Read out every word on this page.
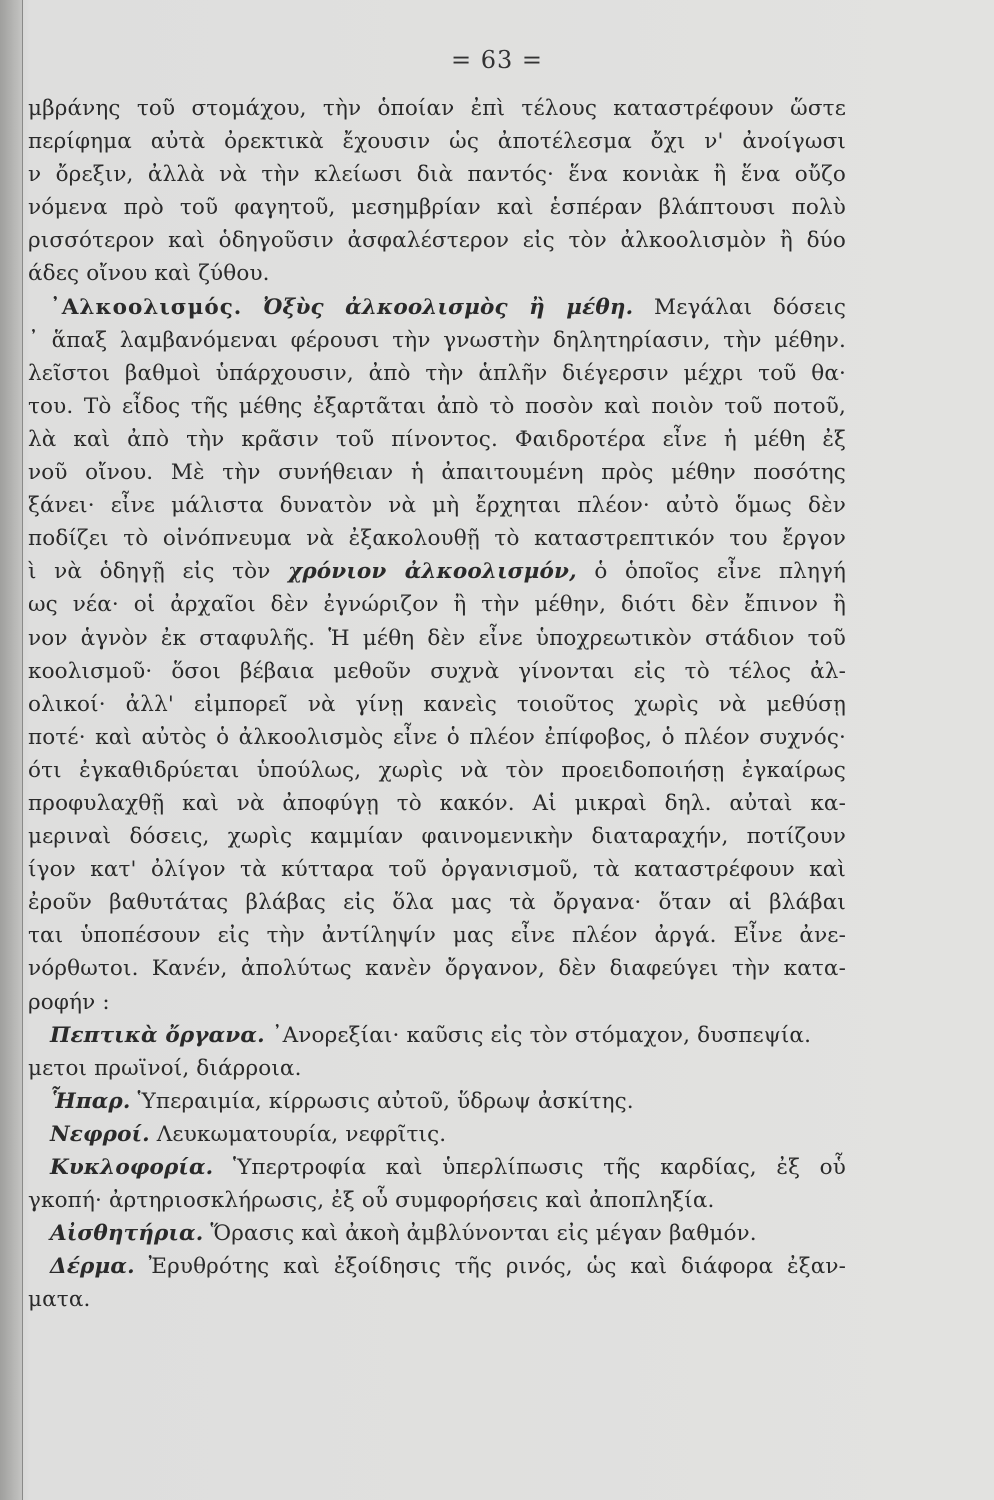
= 63 =
μβράνης τοῦ στομάχου, τὴν ὁποίαν ἐπὶ τέλους καταστρέφουν ὥστε
περίφημα αὐτὰ ὀρεκτικὰ ἔχουσιν ὡς ἀποτέλεσμα ὄχι ν' ἀνοίγωσι
ν ὄρεξιν, ἀλλὰ νὰ τὴν κλείωσι διὰ παντός· ἕνα κονιὰκ ἢ ἕνα οὔζο
νόμενα πρὸ τοῦ φαγητοῦ, μεσημβρίαν καὶ ἑσπέραν βλάπτουσι πολὺ
ρισσότερον καὶ ὁδηγοῦσιν ἀσφαλέστερον εἰς τὸν ἀλκοολισμὸν ἢ δύο
άδες οἴνου καὶ ζύθου.
᾿Αλκοολισμός. Ὀξὺς ἀλκοολισμὸς ἢ μέθη. Μεγάλαι δόσεις
᾿ ἅπαξ λαμβανόμεναι φέρουσι τὴν γνωστὴν δηλητηρίασιν, τὴν μέθην.
λεῖστοι βαθμοὶ ὑπάρχουσιν, ἀπὸ τὴν ἁπλῆν διέγερσιν μέχρι τοῦ θα·
του. Τὸ εἶδος τῆς μέθης ἐξαρτᾶται ἀπὸ τὸ ποσὸν καὶ ποιὸν τοῦ ποτοῦ,
λὰ καὶ ἀπὸ τὴν κρᾶσιν τοῦ πίνοντος. Φαιδροτέρα εἶνε ἡ μέθη ἐξ
νοῦ οἴνου. Μὲ τὴν συνήθειαν ἡ ἀπαιτουμένη πρὸς μέθην ποσότης
ξάνει· εἶνε μάλιστα δυνατὸν νὰ μὴ ἔρχηται πλέον· αὐτὸ ὅμως δὲν
ποδίζει τὸ οἰνόπνευμα νὰ ἐξακολουθῇ τὸ καταστρεπτικόν του ἔργον
ὶ νὰ ὁδηγῇ εἰς τὸν χρόνιον ἀλκοολισμόν, ὁ ὁποῖος εἶνε πληγή
ως νέα· οἱ ἀρχαῖοι δὲν ἐγνώριζον ἢ τὴν μέθην, διότι δὲν ἔπινον ἢ
νον ἁγνὸν ἐκ σταφυλῆς. Ἡ μέθη δὲν εἶνε ὑποχρεωτικὸν στάδιον τοῦ
κοολισμοῦ· ὅσοι βέβαια μεθοῦν συχνὰ γίνονται εἰς τὸ τέλος ἀλ-
ολικοί· ἀλλ' εἰμπορεῖ νὰ γίνῃ κανεὶς τοιοῦτος χωρὶς νὰ μεθύσῃ
ποτέ· καὶ αὐτὸς ὁ ἀλκοολισμὸς εἶνε ὁ πλέον ἐπίφοβος, ὁ πλέον συχνός·
ότι ἐγκαθιδρύεται ὑπούλως, χωρὶς νὰ τὸν προειδοποιήσῃ ἐγκαίρως
προφυλαχθῇ καὶ νὰ ἀποφύγῃ τὸ κακόν. Αἱ μικραὶ δηλ. αὐταὶ κα-
μεριναὶ δόσεις, χωρὶς καμμίαν φαινομενικὴν διαταραχήν, ποτίζουν
ίγον κατ' ὀλίγον τὰ κύτταρα τοῦ ὀργανισμοῦ, τὰ καταστρέφουν καὶ
ἐροῦν βαθυτάτας βλάβας εἰς ὅλα μας τὰ ὄργανα· ὅταν αἱ βλάβαι
ται ὑποπέσουν εἰς τὴν ἀντίληψίν μας εἶνε πλέον ἀργά. Εἶνε ἀνε-
νόρθωτοι. Κανέν, ἀπολύτως κανὲν ὄργανον, δὲν διαφεύγει τὴν κατα-
ροφήν :
Πεπτικὰ ὄργανα. ᾿Ανορεξίαι· καῦσις εἰς τὸν στόμαχον, δυσπεψία.
μετοι πρωϊνοί, διάρροια.
Ἧπαρ. Ὑπεραιμία, κίρρωσις αὐτοῦ, ὕδρωψ ἀσκίτης.
Νεφροί. Λευκωματουρία, νεφρῖτις.
Κυκλοφορία. Ὑπερτροφία καὶ ὑπερλίπωσις τῆς καρδίας, ἐξ οὗ
γκοπή· ἀρτηριοσκλήρωσις, ἐξ οὗ συμφορήσεις καὶ ἀποπληξία.
Αἰσθητήρια. Ὅρασις καὶ ἀκοὴ ἀμβλύνονται εἰς μέγαν βαθμόν.
Δέρμα. Ἐρυθρότης καὶ ἐξοίδησις τῆς ρινός, ὡς καὶ διάφορα ἐξαν-
ματα.
